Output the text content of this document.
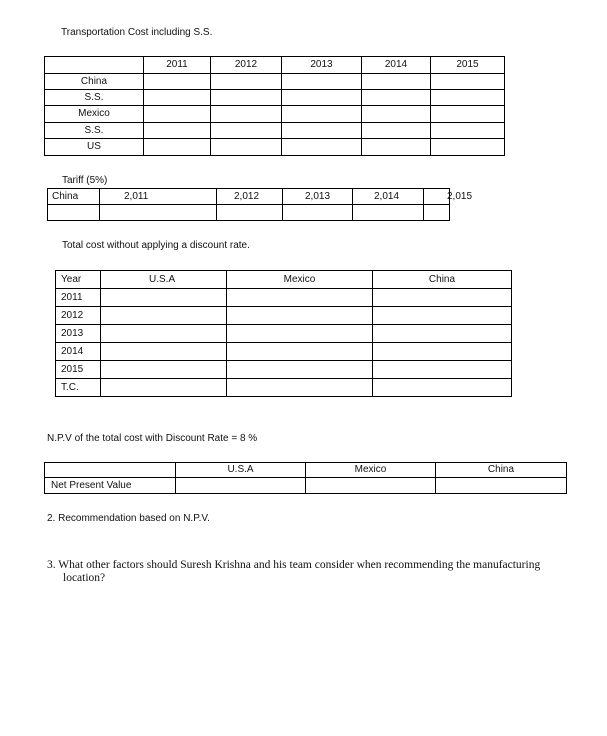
Transportation Cost including S.S.
	2011	2012	2013	2014	2015
China					
S.S.					
Mexico					
S.S.					
US					
Tariff (5%)
China	2,011	2,012	2,013	2,014	2,015

Total cost without applying a discount rate.
Year	U.S.A	Mexico	China
2011			
2012			
2013			
2014			
2015			
T.C.			
N.P.V of the total cost with Discount Rate = 8 %
	U.S.A	Mexico	China
Net Present Value			
2. Recommendation based on N.P.V.
3. What other factors should Suresh Krishna and his team consider when recommending the manufacturing
location?
